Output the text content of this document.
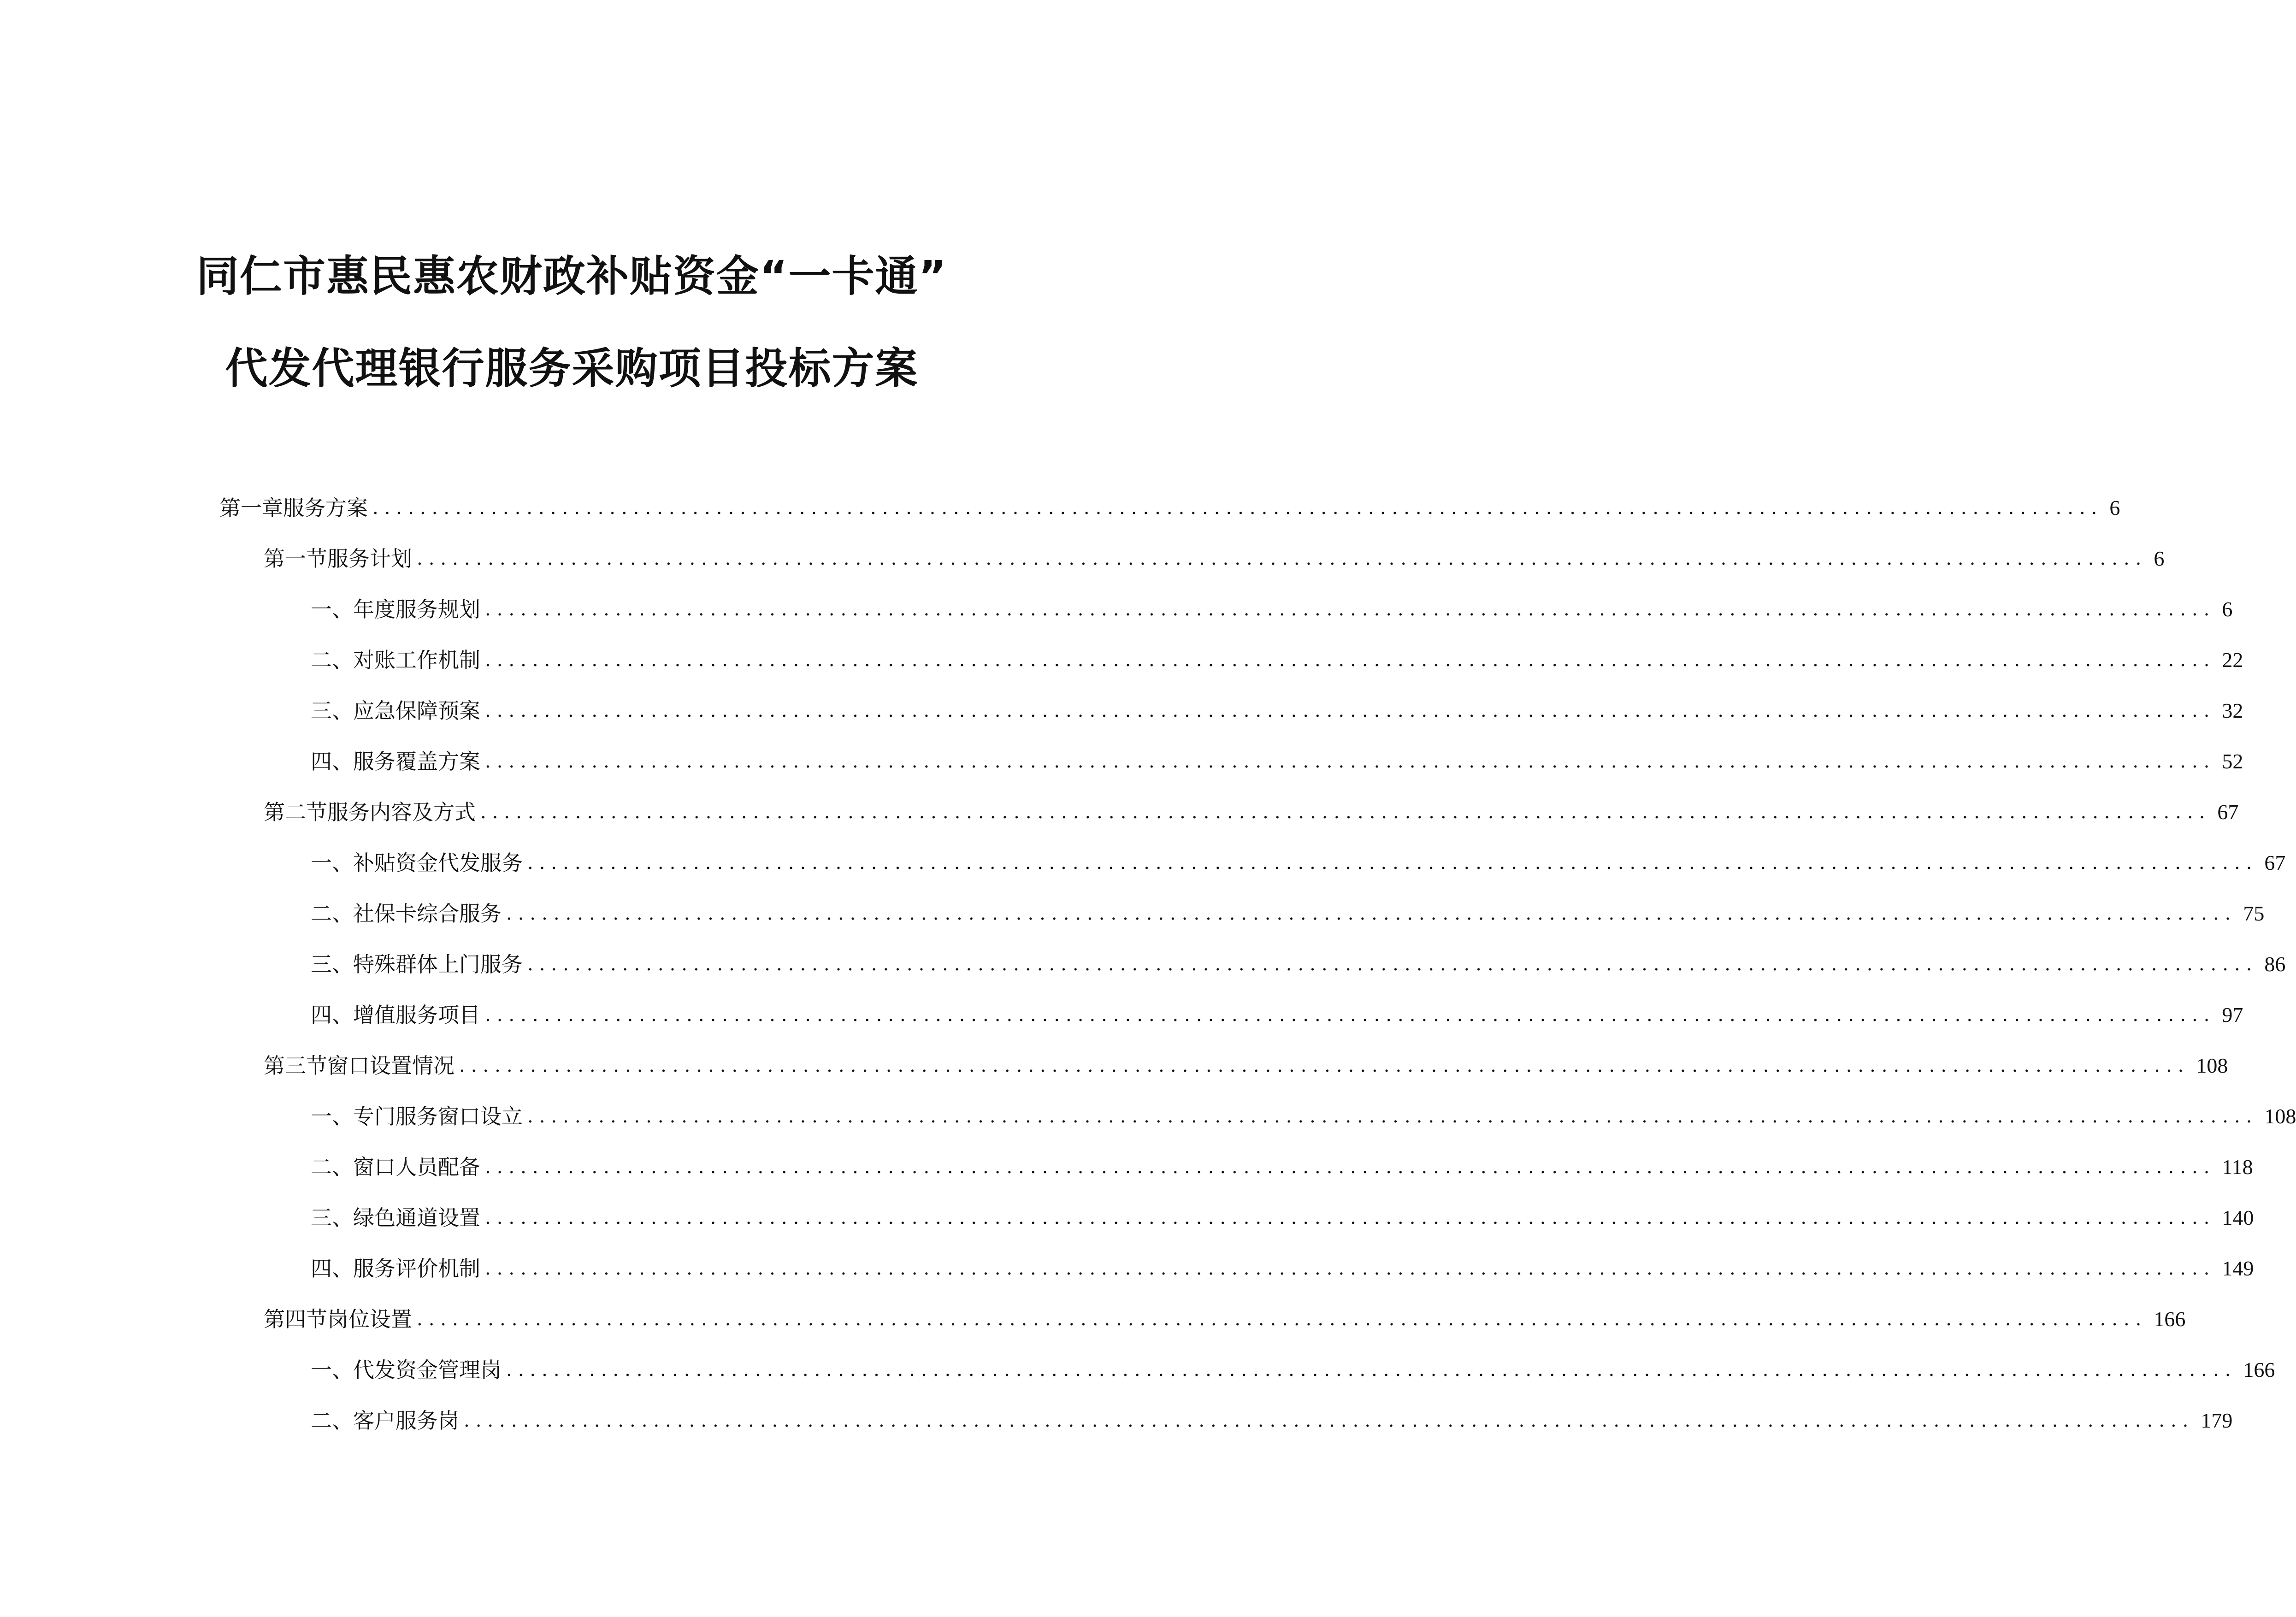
同仁市惠民惠农财政补贴资金“一卡通”
代发代理银行服务采购项目投标方案
第一章 服务方案 .................................................................................................................................................. 6
第一节 服务计划 .................................................................................................................................................. 6
一、 年度服务规划 .................................................................................................................................................. 6
二、 对账工作机制 .................................................................................................................................................. 22
三、 应急保障预案 .................................................................................................................................................. 32
四、 服务覆盖方案 .................................................................................................................................................. 52
第二节 服务内容及方式 .................................................................................................................................................. 67
一、 补贴资金代发服务 .................................................................................................................................................. 67
二、 社保卡综合服务 .................................................................................................................................................. 75
三、 特殊群体上门服务 .................................................................................................................................................. 86
四、 增值服务项目 .................................................................................................................................................. 97
第三节 窗口设置情况 .................................................................................................................................................. 108
一、 专门服务窗口设立 .................................................................................................................................................. 108
二、 窗口人员配备 .................................................................................................................................................. 118
三、 绿色通道设置 .................................................................................................................................................. 140
四、 服务评价机制 .................................................................................................................................................. 149
第四节 岗位设置 .................................................................................................................................................. 166
一、 代发资金管理岗 .................................................................................................................................................. 166
二、 客户服务岗 .................................................................................................................................................. 179
